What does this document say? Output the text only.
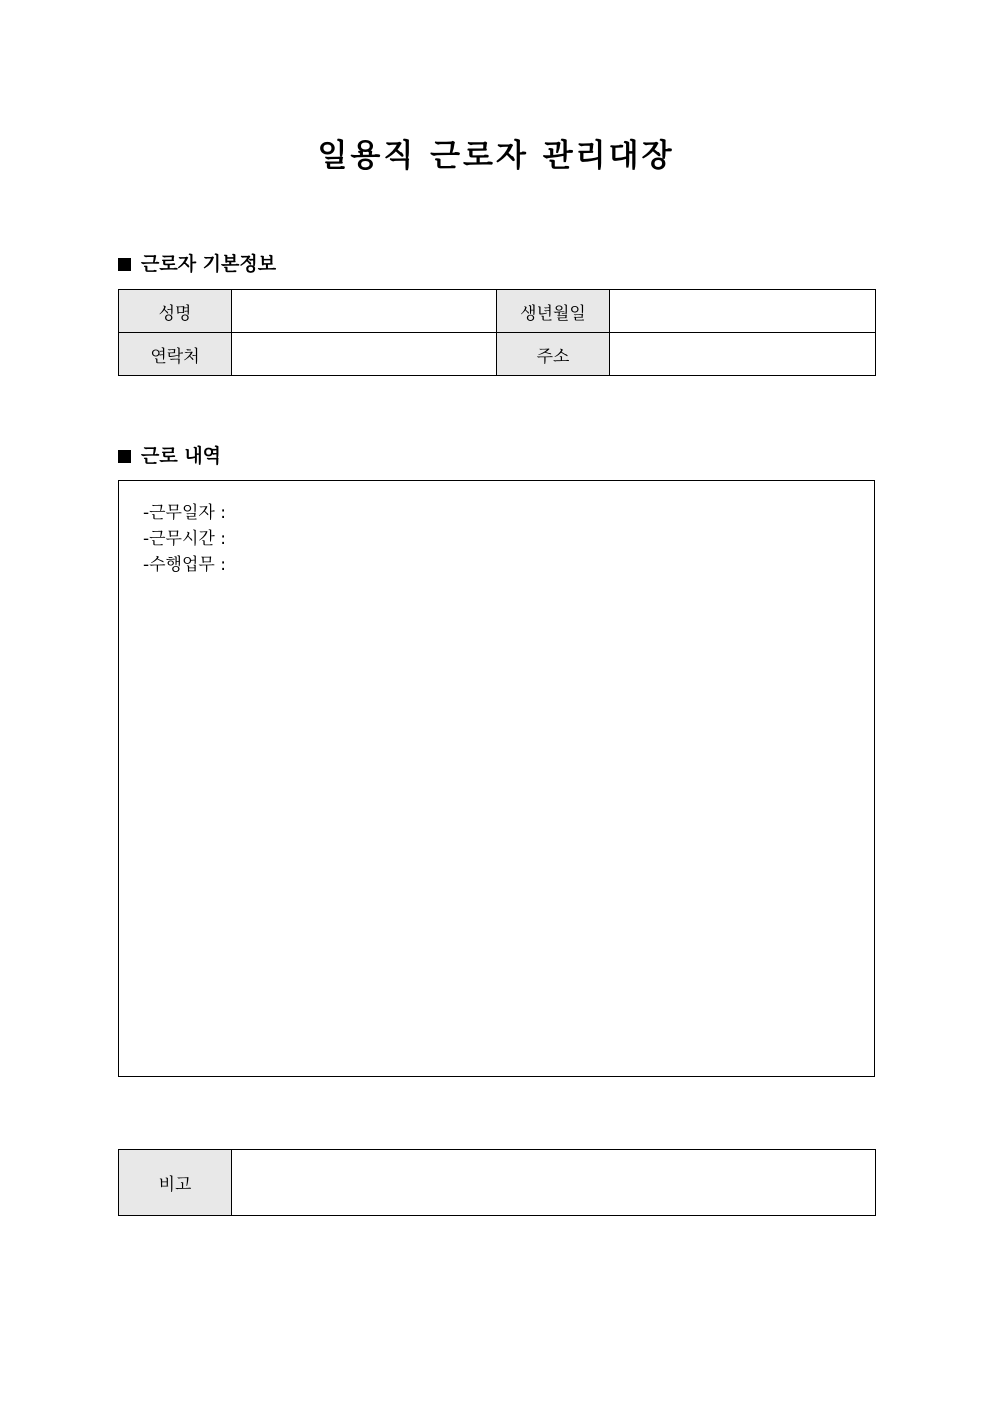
일용직 근로자 관리대장
근로자 기본정보
성명		생년월일	
연락처		주소	
근로 내역
-근무일자 :
-근무시간 :
-수행업무 :
비고	
